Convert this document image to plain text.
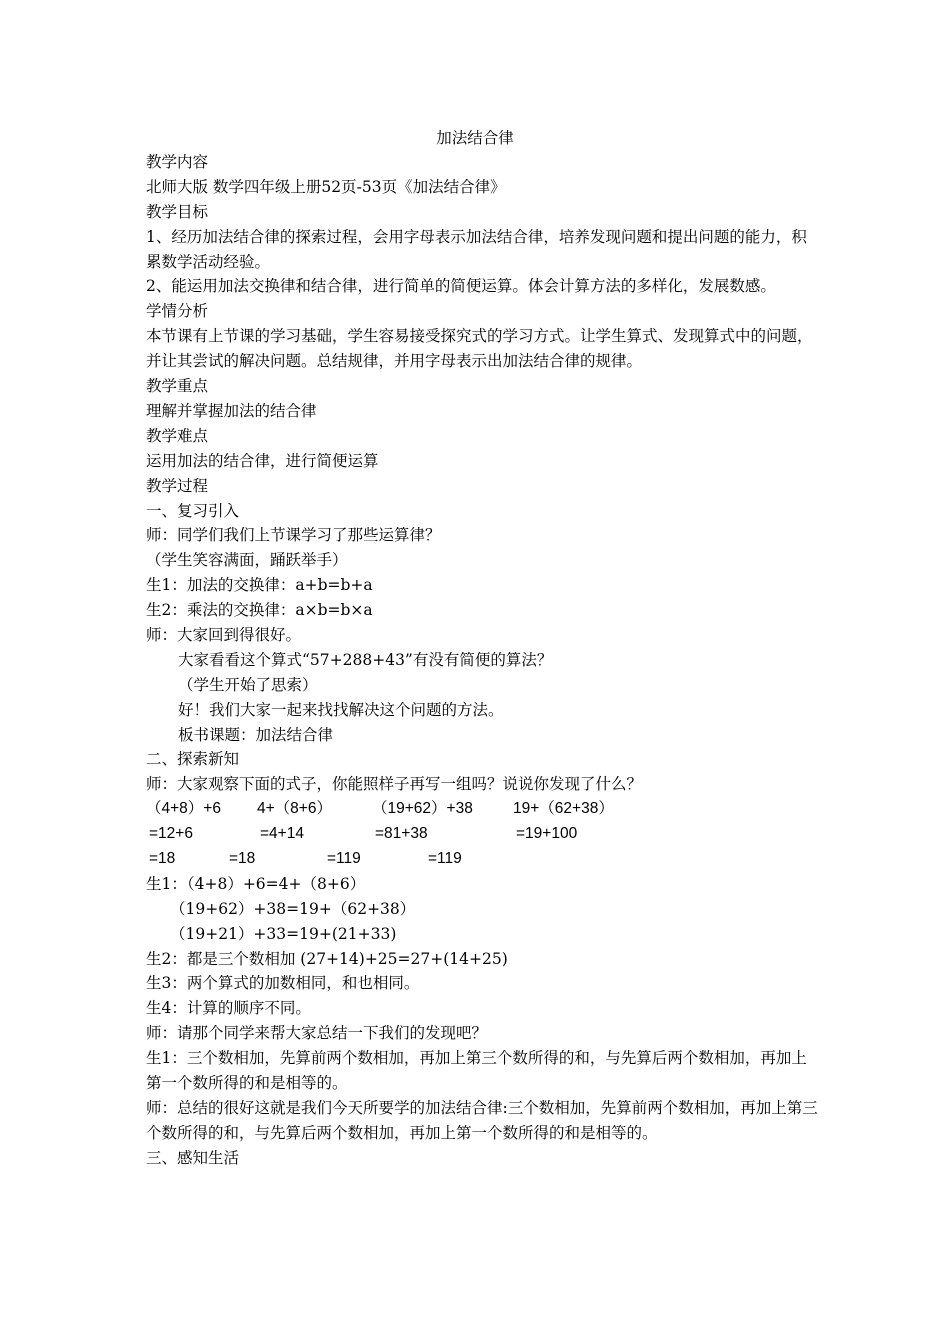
加法结合律
教学内容
北师大版 数学四年级上册52页-53页《加法结合律》
教学目标
1、经历加法结合律的探索过程，会用字母表示加法结合律，培养发现问题和提出问题的能力，积累数学活动经验。
2、能运用加法交换律和结合律，进行简单的简便运算。体会计算方法的多样化，发展数感。
学情分析
本节课有上节课的学习基础，学生容易接受探究式的学习方式。让学生算式、发现算式中的问题，并让其尝试的解决问题。总结规律，并用字母表示出加法结合律的规律。
教学重点
理解并掌握加法的结合律
教学难点
运用加法的结合律，进行简便运算
教学过程
一、复习引入
师：同学们我们上节课学习了那些运算律？
（学生笑容满面，踊跃举手）
生1：加法的交换律：a+b=b+a
生2：乘法的交换律：a×b=b×a
师：大家回到得很好。
大家看看这个算式“57+288+43”有没有简便的算法？
（学生开始了思索）
好！我们大家一起来找找解决这个问题的方法。
板书课题：加法结合律
二、探索新知
师：大家观察下面的式子，你能照样子再写一组吗？说说你发现了什么？
（4+8）+6	4+（8+6）	（19+62）+38	19+（62+38）
=12+6	=4+14	=81+38	=19+100
=18	=18	=119	=119
生1：（4+8）+6=4+（8+6）
（19+62）+38=19+（62+38）
（19+21）+33=19+(21+33)
生2：都是三个数相加 (27+14)+25=27+(14+25)
生3：两个算式的加数相同，和也相同。
生4：计算的顺序不同。
师：请那个同学来帮大家总结一下我们的发现吧？
生1：三个数相加，先算前两个数相加，再加上第三个数所得的和，与先算后两个数相加，再加上第一个数所得的和是相等的。
师：总结的很好这就是我们今天所要学的加法结合律:三个数相加，先算前两个数相加，再加上第三个数所得的和，与先算后两个数相加，再加上第一个数所得的和是相等的。
三、感知生活
